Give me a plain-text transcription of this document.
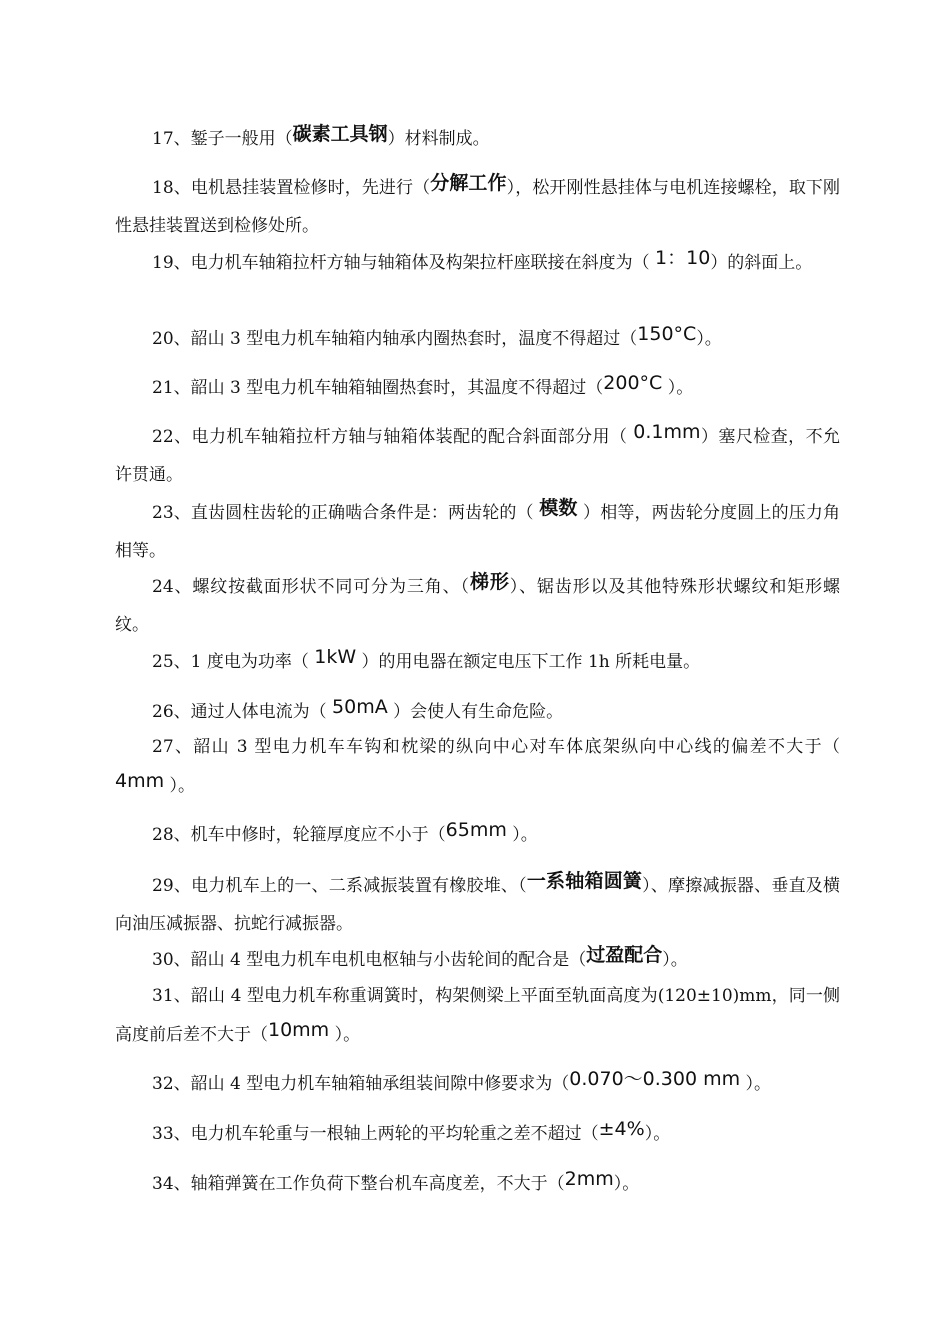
17、錾子一般用（碳素工具钢）材料制成。

18、电机悬挂装置检修时，先进行（分解工作），松开刚性悬挂体与电机连接螺栓，取下刚性悬挂装置送到检修处所。

19、电力机车轴箱拉杆方轴与轴箱体及构架拉杆座联接在斜度为（ 1：10）的斜面上。

20、韶山 3 型电力机车轴箱内轴承内圈热套时，温度不得超过（150°C）。

21、韶山 3 型电力机车轴箱轴圈热套时，其温度不得超过（200°C ）。

22、电力机车轴箱拉杆方轴与轴箱体装配的配合斜面部分用（ 0.1mm）塞尺检查，不允许贯通。

23、直齿圆柱齿轮的正确啮合条件是：两齿轮的（ 模数 ）相等，两齿轮分度圆上的压力角相等。

24、螺纹按截面形状不同可分为三角、（梯形）、锯齿形以及其他特殊形状螺纹和矩形螺纹。

25、1 度电为功率（ 1kW ）的用电器在额定电压下工作 1h 所耗电量。

26、通过人体电流为（ 50mA ）会使人有生命危险。

27、韶山 3 型电力机车车钩和枕梁的纵向中心对车体底架纵向中心线的偏差不大于（ 4mm ）。

28、机车中修时，轮箍厚度应不小于（65mm ）。

29、电力机车上的一、二系减振装置有橡胶堆、（一系轴箱圆簧）、摩擦减振器、垂直及横向油压减振器、抗蛇行减振器。

30、韶山 4 型电力机车电机电枢轴与小齿轮间的配合是（过盈配合）。

31、韶山 4 型电力机车称重调簧时，构架侧梁上平面至轨面高度为(120±10)mm，同一侧高度前后差不大于（10mm ）。

32、韶山 4 型电力机车轴箱轴承组装间隙中修要求为（0.070～0.300 mm ）。

33、电力机车轮重与一根轴上两轮的平均轮重之差不超过（±4%）。

34、轴箱弹簧在工作负荷下整台机车高度差，不大于（2mm）。
